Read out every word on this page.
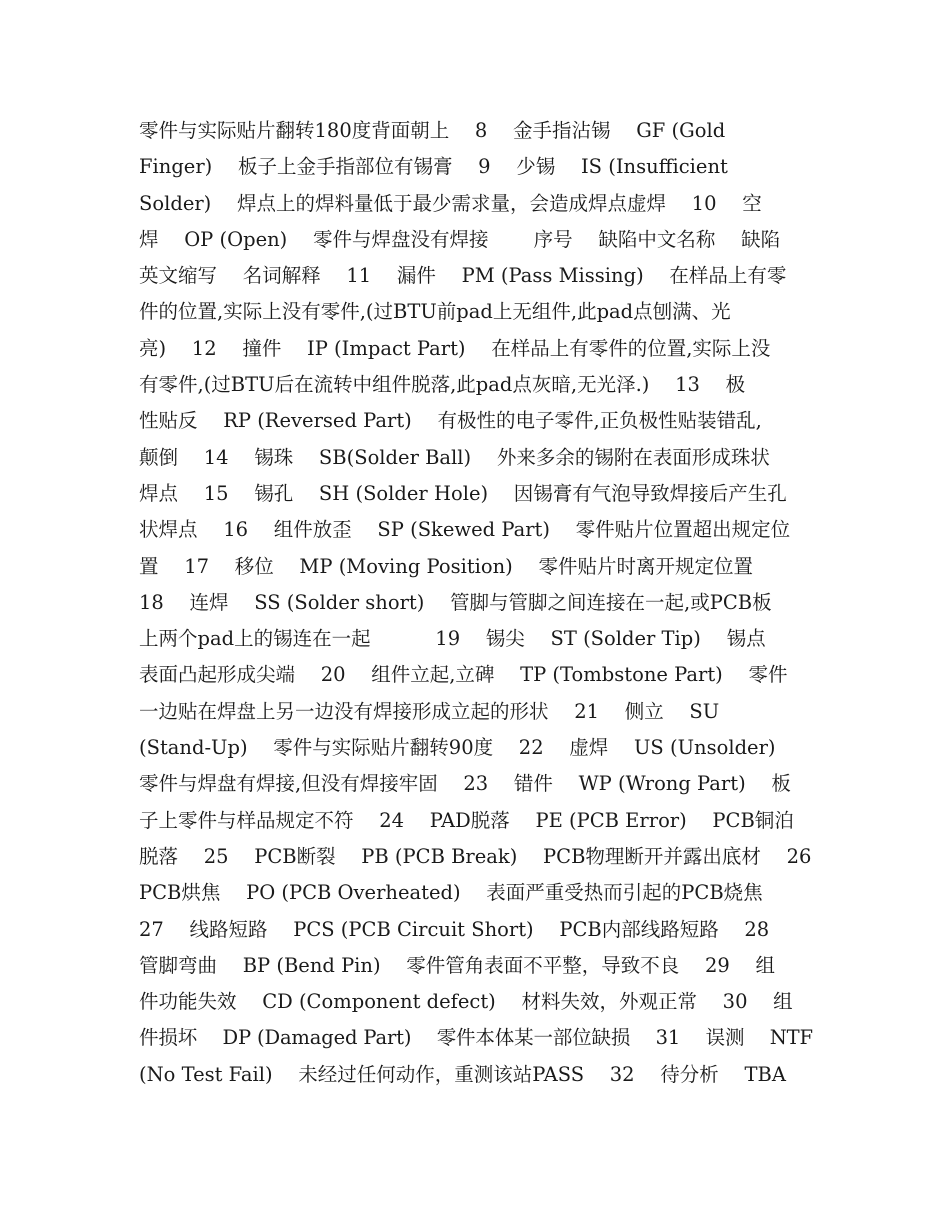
零件与实际贴片翻转180度背面朝上　 8　 金手指沾锡　 GF (Gold
Finger)　 板子上金手指部位有锡膏　 9　 少锡　 IS (Insufficient
Solder)　 焊点上的焊料量低于最少需求量，会造成焊点虚焊　 10　 空
焊　 OP (Open)　 零件与焊盘没有焊接　　 序号　 缺陷中文名称　 缺陷
英文缩写　 名词解释　 11　 漏件　 PM (Pass Missing)　 在样品上有零
件的位置,实际上没有零件,(过BTU前pad上无组件,此pad点刨满、光
亮)　 12　 撞件　 IP (Impact Part)　 在样品上有零件的位置,实际上没
有零件,(过BTU后在流转中组件脱落,此pad点灰暗,无光泽.)　 13　 极
性贴反　 RP (Reversed Part)　 有极性的电子零件,正负极性贴装错乱,
颠倒　 14　 锡珠　 SB(Solder Ball)　 外来多余的锡附在表面形成珠状
焊点　 15　 锡孔　 SH (Solder Hole)　 因锡膏有气泡导致焊接后产生孔
状焊点　 16　 组件放歪　 SP (Skewed Part)　 零件贴片位置超出规定位
置　 17　 移位　 MP (Moving Position)　 零件贴片时离开规定位置
18　 连焊　 SS (Solder short)　 管脚与管脚之间连接在一起,或PCB板
上两个pad上的锡连在一起　　　 19　 锡尖　 ST (Solder Tip)　 锡点
表面凸起形成尖端　 20　 组件立起,立碑　 TP (Tombstone Part)　 零件
一边贴在焊盘上另一边没有焊接形成立起的形状　 21　 侧立　 SU
(Stand-Up)　 零件与实际贴片翻转90度　 22　 虚焊　 US (Unsolder)
零件与焊盘有焊接,但没有焊接牢固　 23　 错件　 WP (Wrong Part)　 板
子上零件与样品规定不符　 24　 PAD脱落　 PE (PCB Error)　 PCB铜泊
脱落　 25　 PCB断裂　 PB (PCB Break)　 PCB物理断开并露出底材　 26
PCB烘焦　 PO (PCB Overheated)　 表面严重受热而引起的PCB烧焦
27　 线路短路　 PCS (PCB Circuit Short)　 PCB内部线路短路　 28
管脚弯曲　 BP (Bend Pin)　 零件管角表面不平整，导致不良　 29　 组
件功能失效　 CD (Component defect)　 材料失效，外观正常　 30　 组
件损坏　 DP (Damaged Part)　 零件本体某一部位缺损　 31　 误测　 NTF
(No Test Fail)　 未经过任何动作，重测该站PASS　 32　 待分析　 TBA
